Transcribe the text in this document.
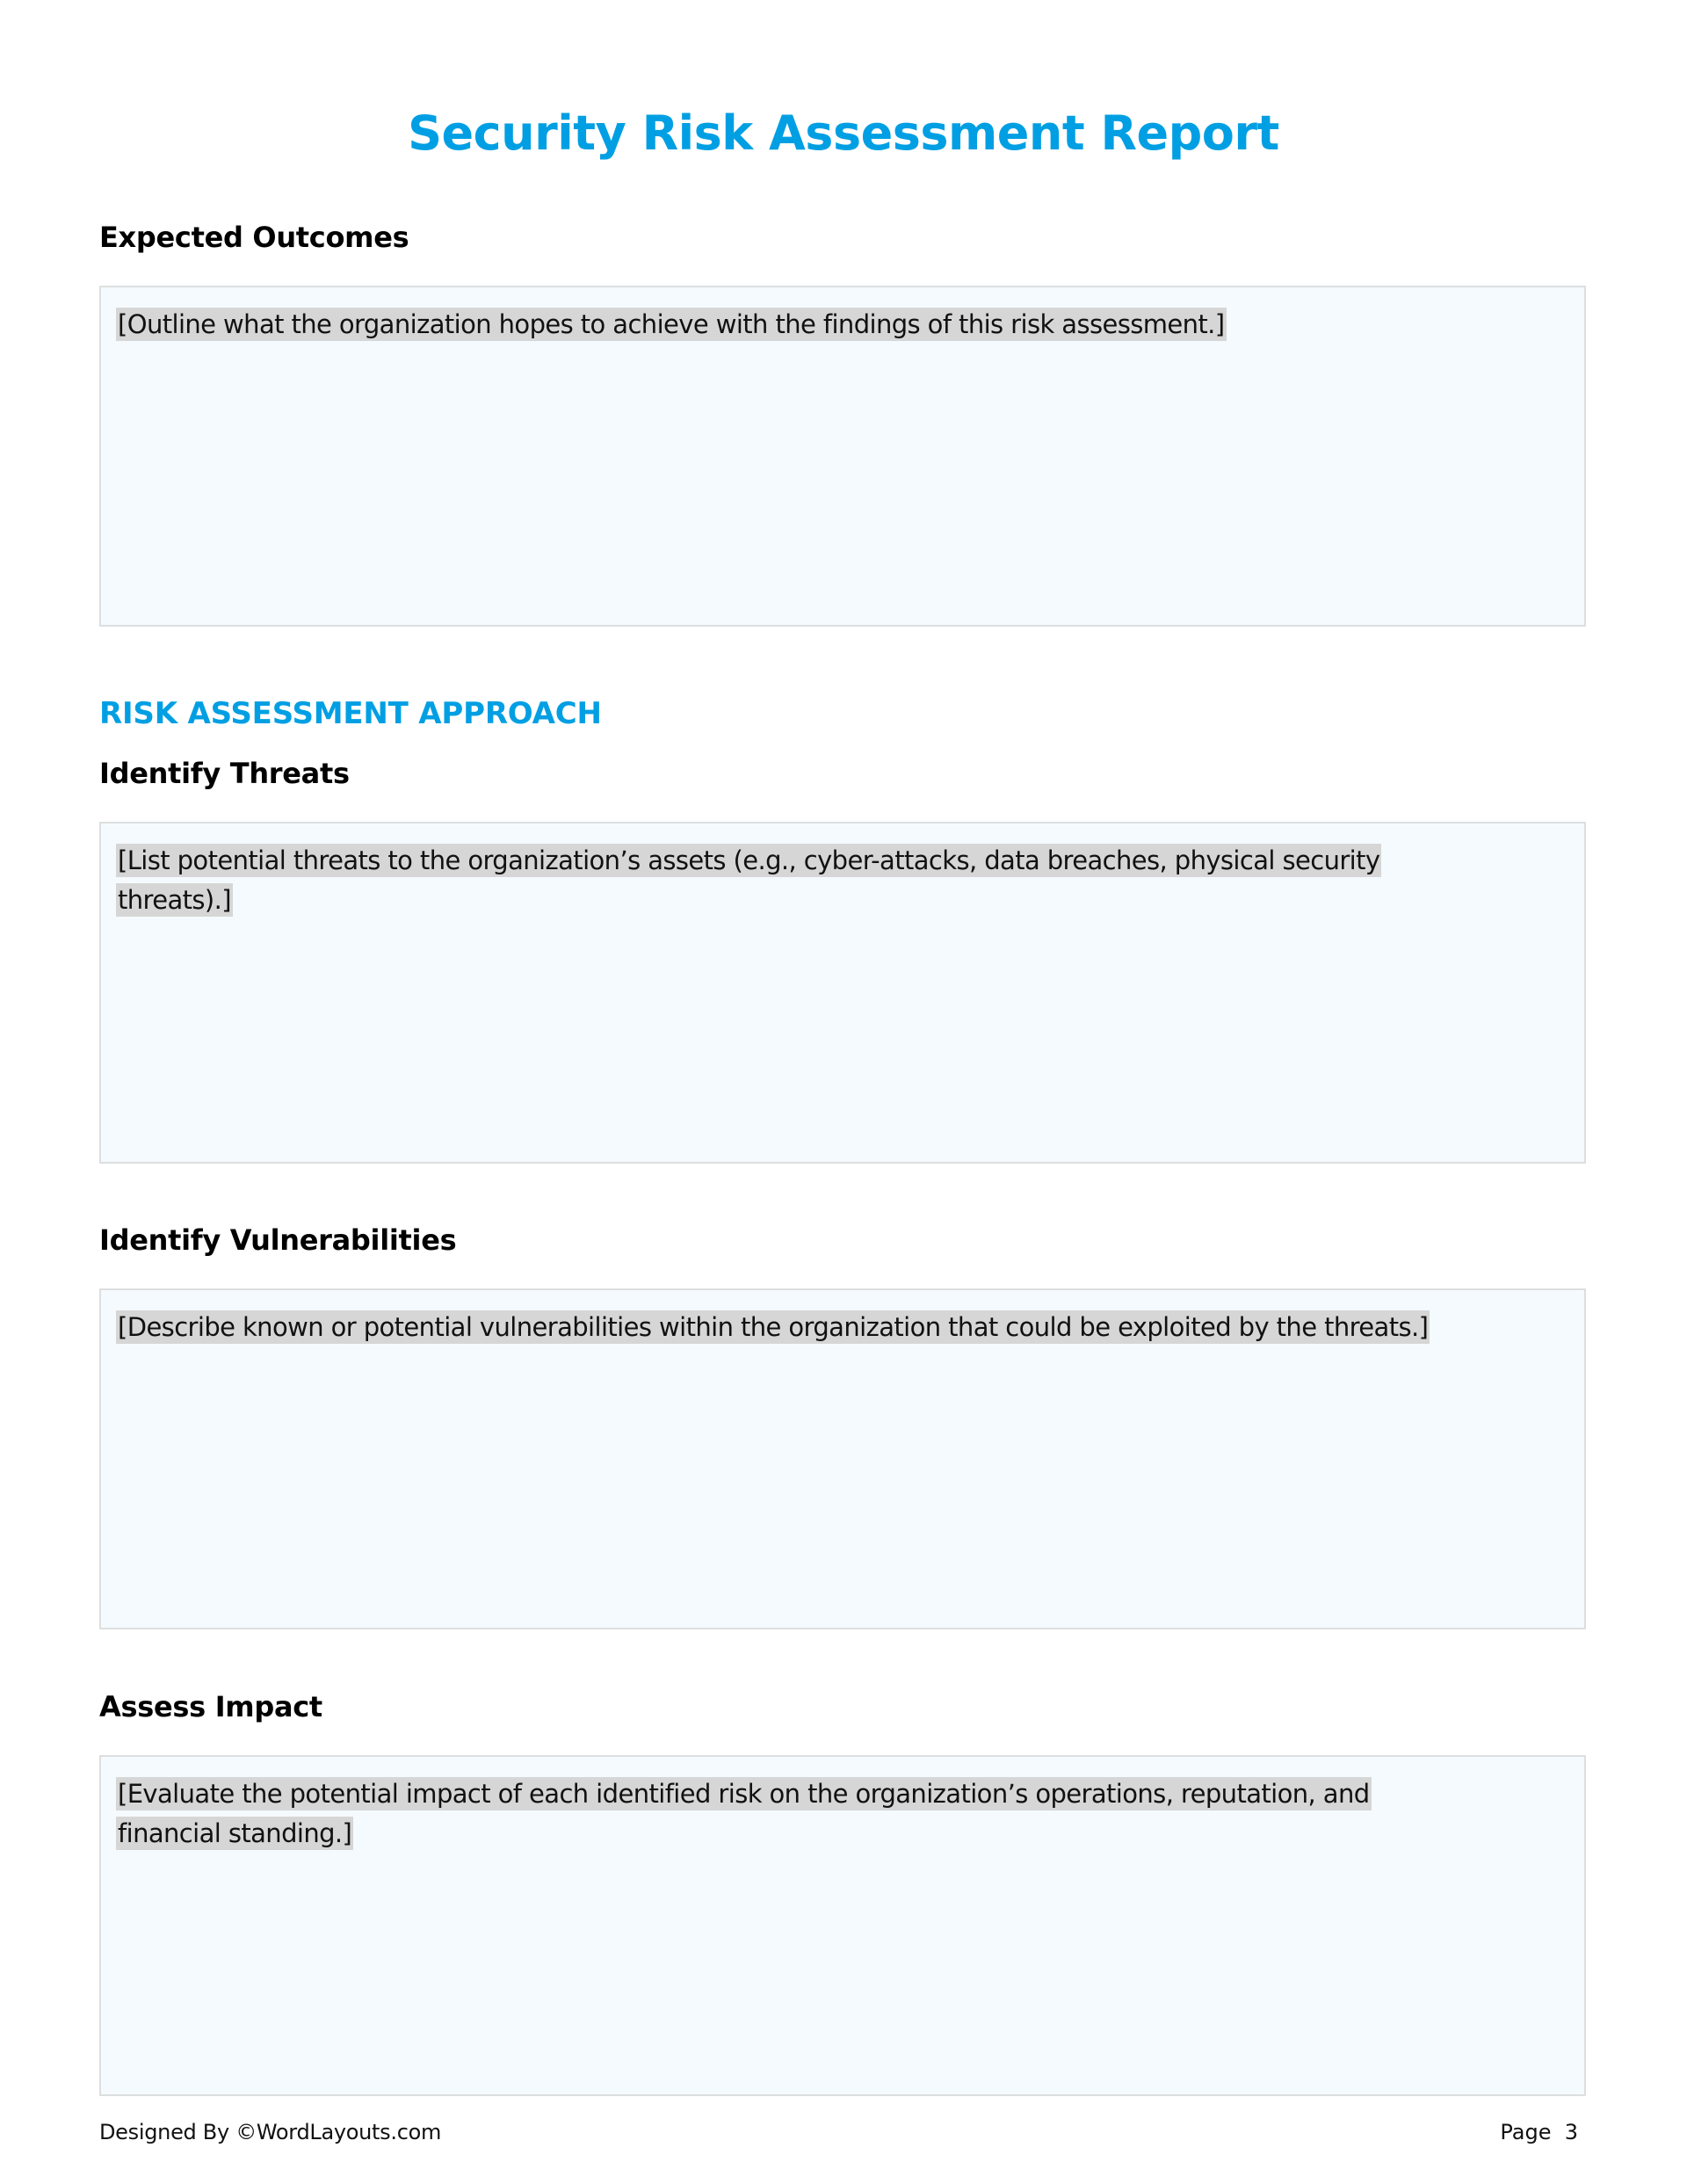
Security Risk Assessment Report
Expected Outcomes
[Outline what the organization hopes to achieve with the findings of this risk assessment.]
RISK ASSESSMENT APPROACH
Identify Threats
[List potential threats to the organization’s assets (e.g., cyber-attacks, data breaches, physical security
threats).]
Identify Vulnerabilities
[Describe known or potential vulnerabilities within the organization that could be exploited by the threats.]
Assess Impact
[Evaluate the potential impact of each identified risk on the organization’s operations, reputation, and
financial standing.]
Designed By ©WordLayouts.com	Page  3
